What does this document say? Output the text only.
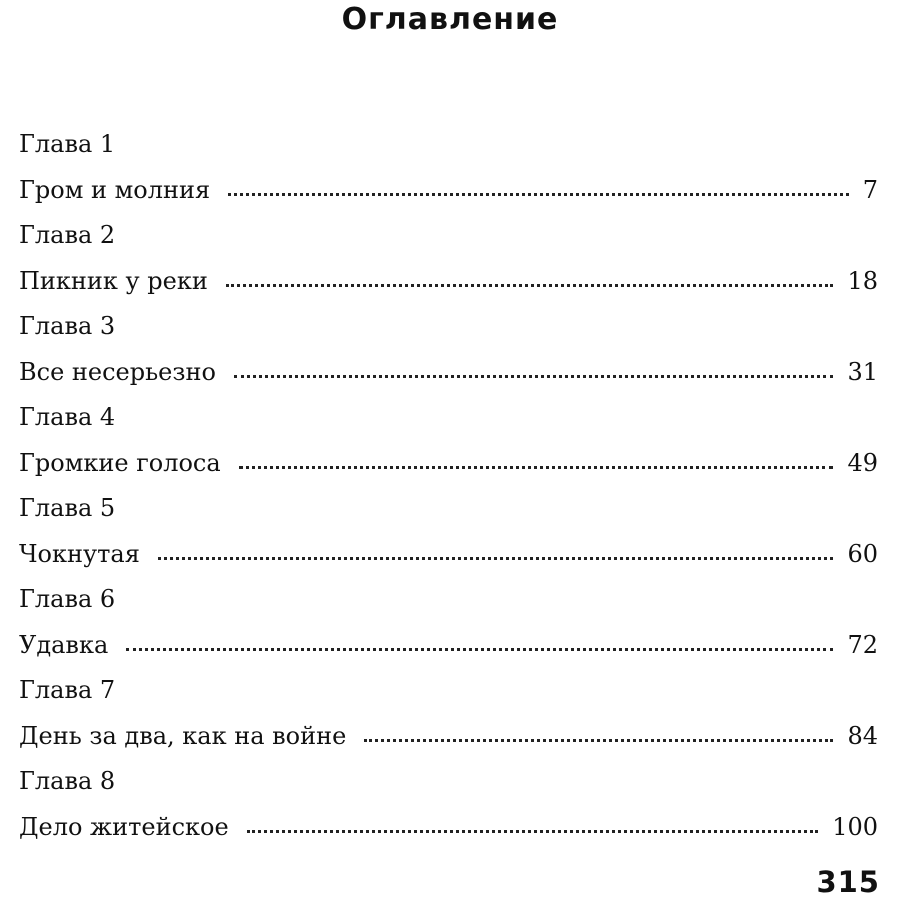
Оглавление
Глава 1
Гром и молния	7
Глава 2
Пикник у реки	18
Глава 3
Все несерьезно	31
Глава 4
Громкие голоса	49
Глава 5
Чокнутая	60
Глава 6
Удавка	72
Глава 7
День за два, как на войне	84
Глава 8
Дело житейское	100
315
